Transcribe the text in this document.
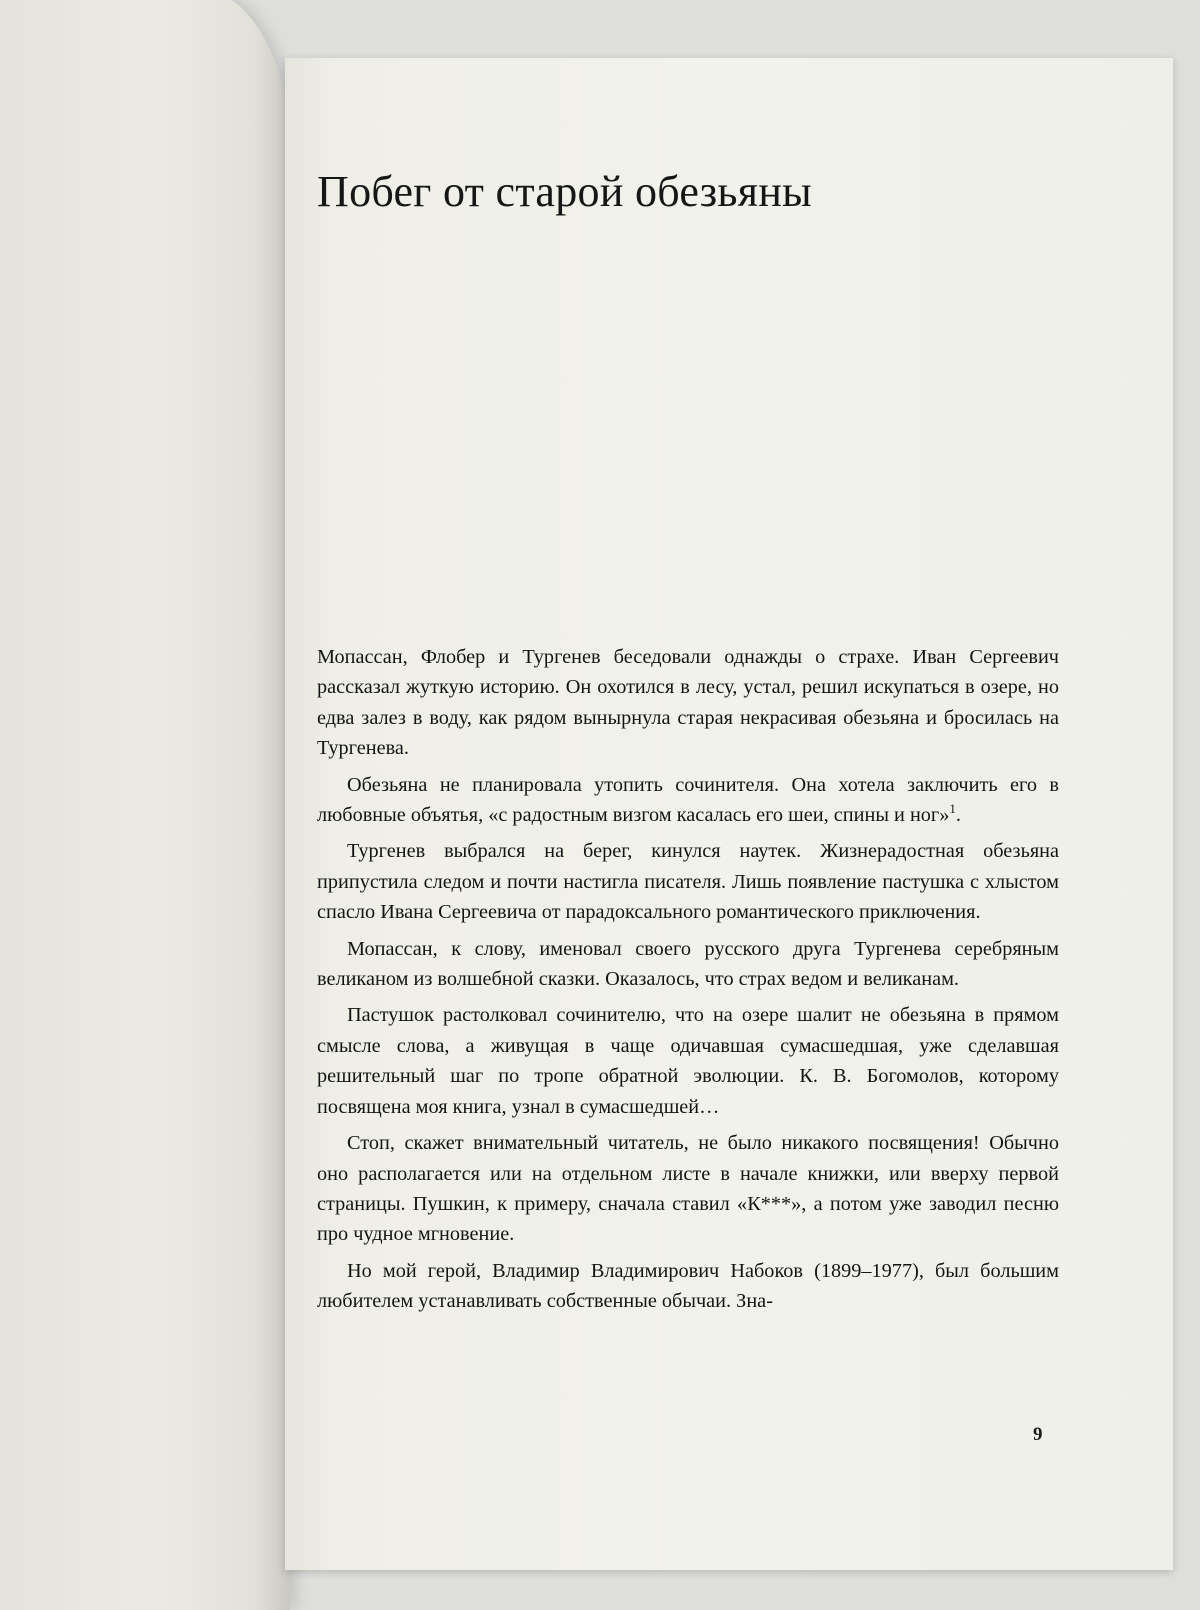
Побег от старой обезьяны

Мопассан, Флобер и Тургенев беседовали однажды о страхе. Иван Сергеевич рассказал жуткую историю. Он охотился в лесу, устал, решил искупаться в озере, но едва залез в воду, как рядом вынырнула старая некрасивая обезьяна и бросилась на Тургенева.

Обезьяна не планировала утопить сочинителя. Она хотела заключить его в любовные объятья, «с радостным визгом касалась его шеи, спины и ног»$^1$.

Тургенев выбрался на берег, кинулся наутек. Жизнерадостная обезьяна припустила следом и почти настигла писателя. Лишь появление пастушка с хлыстом спасло Ивана Сергеевича от парадоксального романтического приключения.

Мопассан, к слову, именовал своего русского друга Тургенева серебряным великаном из волшебной сказки. Оказалось, что страх ведом и великанам.

Пастушок растолковал сочинителю, что на озере шалит не обезьяна в прямом смысле слова, а живущая в чаще одичавшая сумасшедшая, уже сделавшая решительный шаг по тропе обратной эволюции. К. В. Богомолов, которому посвящена моя книга, узнал в сумасшедшей…

Стоп, скажет внимательный читатель, не было никакого посвящения! Обычно оно располагается или на отдельном листе в начале книжки, или вверху первой страницы. Пушкин, к примеру, сначала ставил «К***», а потом уже заводил песню про чудное мгновение.

Но мой герой, Владимир Владимирович Набоков (1899–1977), был большим любителем устанавливать собственные обычаи. Зна-

9
